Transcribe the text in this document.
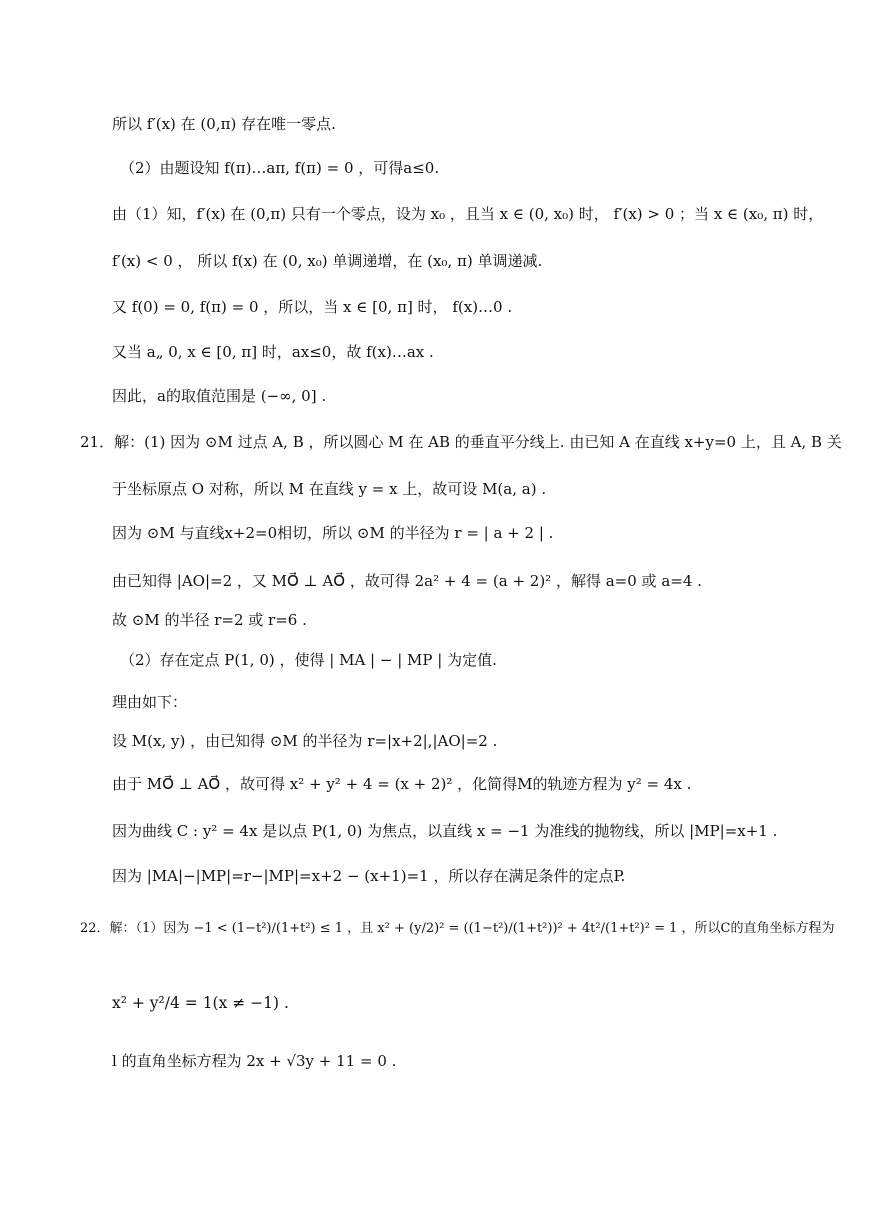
所以 f′(x) 在 (0,π) 存在唯一零点.
（2）由题设知 f(π)…aπ, f(π) = 0 ，可得a≤0.
由（1）知，f′(x) 在 (0,π) 只有一个零点，设为 x₀ ，且当 x ∈ (0, x₀) 时， f′(x) > 0 ；当 x ∈ (x₀, π) 时，
f′(x) < 0 ， 所以 f(x) 在 (0, x₀) 单调递增，在 (x₀, π) 单调递减.
又 f(0) = 0, f(π) = 0 ，所以，当 x ∈ [0, π] 时， f(x)…0 .
又当 a„ 0, x ∈ [0, π] 时，ax≤0，故 f(x)…ax .
因此，a的取值范围是 (−∞, 0] .
21．解：(1) 因为 ⊙M 过点 A, B ，所以圆心 M 在 AB 的垂直平分线上. 由已知 A 在直线 x+y=0 上，且 A, B 关
于坐标原点 O 对称，所以 M 在直线 y = x 上，故可设 M(a, a) .
因为 ⊙M 与直线x+2=0相切，所以 ⊙M 的半径为 r = | a + 2 | .
由已知得 |AO|=2 ，又 MO⃗ ⊥ AO⃗ ，故可得 2a² + 4 = (a + 2)² ，解得 a=0 或 a=4 .
故 ⊙M 的半径 r=2 或 r=6 .
（2）存在定点 P(1, 0) ，使得 | MA | − | MP | 为定值.
理由如下：
设 M(x, y) ，由已知得 ⊙M 的半径为 r=|x+2|,|AO|=2 .
由于 MO⃗ ⊥ AO⃗ ，故可得 x² + y² + 4 = (x + 2)² ，化简得M的轨迹方程为 y² = 4x .
因为曲线 C : y² = 4x 是以点 P(1, 0) 为焦点，以直线 x = −1 为准线的抛物线，所以 |MP|=x+1 .
因为 |MA|−|MP|=r−|MP|=x+2 − (x+1)=1 ，所以存在满足条件的定点P.
22．解：（1）因为 −1 < (1−t²)/(1+t²) ≤ 1 ，且 x² + (y/2)² = ((1−t²)/(1+t²))² + 4t²/(1+t²)² = 1 ，所以C的直角坐标方程为
x² + y²/4 = 1(x ≠ −1) .
l 的直角坐标方程为 2x + √3y + 11 = 0 .
